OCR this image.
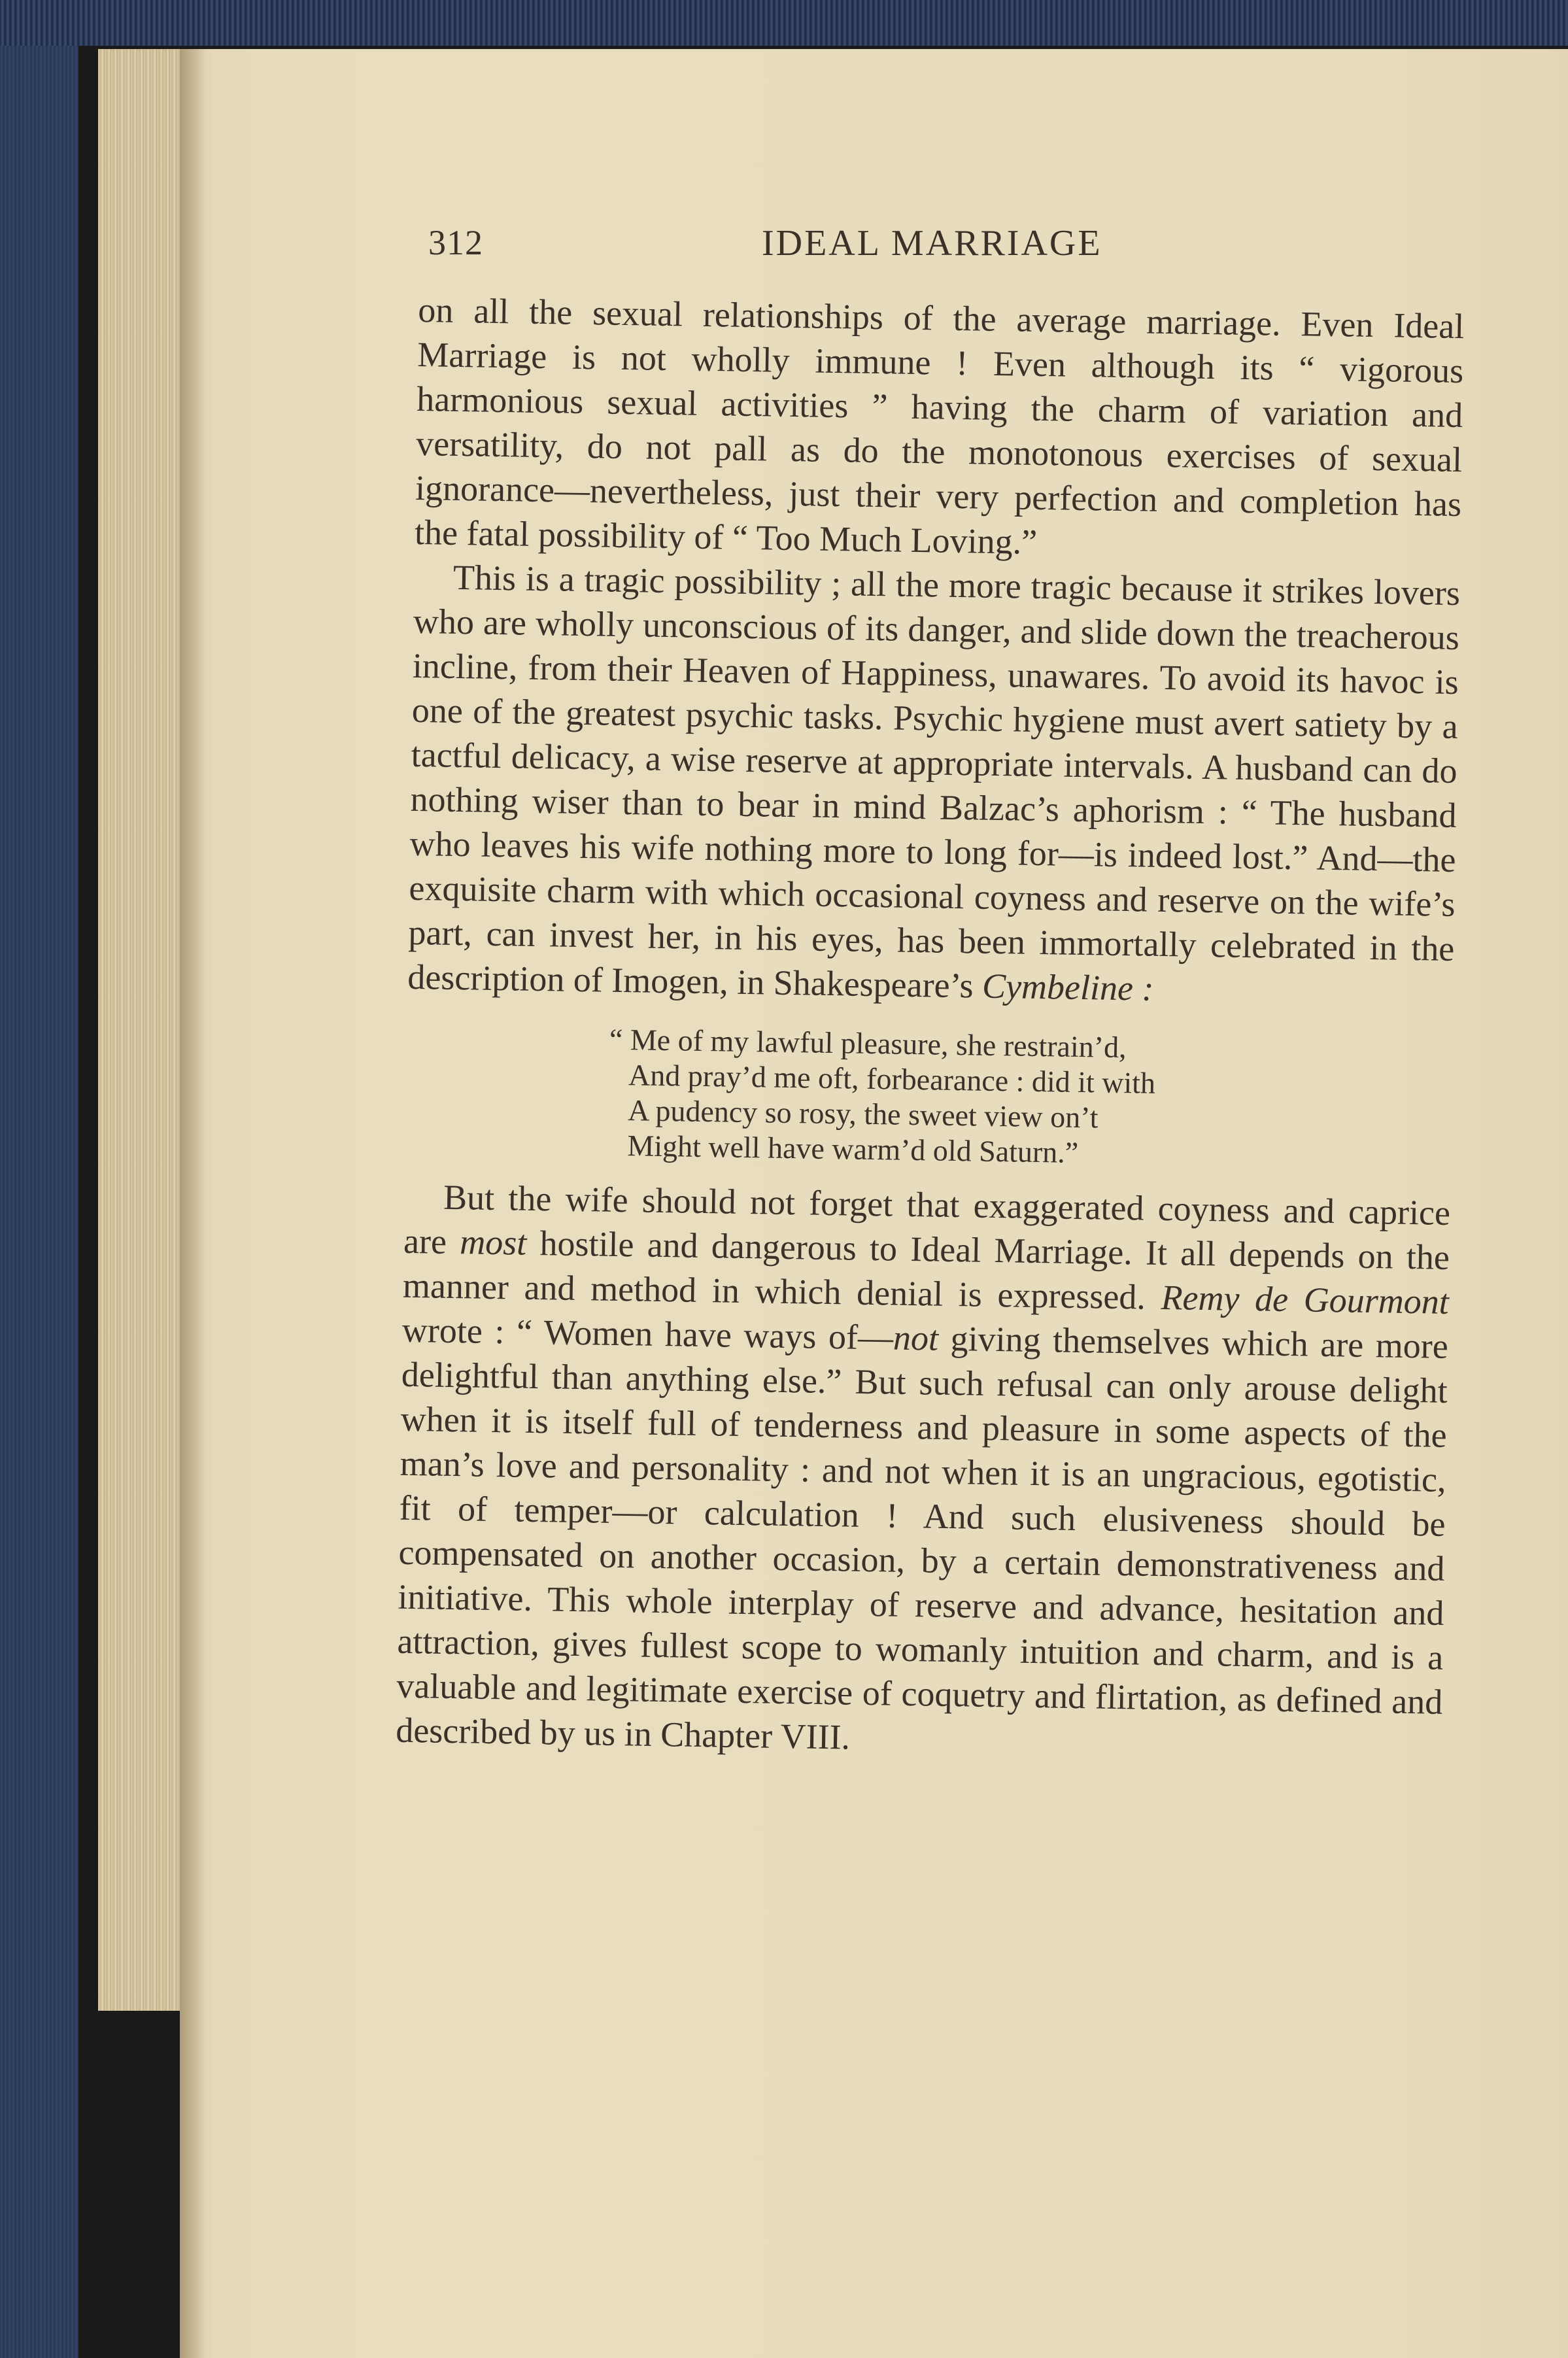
312	IDEAL MARRIAGE

on all the sexual relationships of the average marriage. Even Ideal Marriage is not wholly immune ! Even although its “ vigorous harmonious sexual activities ” having the charm of variation and versatility, do not pall as do the monotonous exercises of sexual ignorance—nevertheless, just their very perfection and completion has the fatal possibility of “ Too Much Loving.”

This is a tragic possibility ; all the more tragic because it strikes lovers who are wholly unconscious of its danger, and slide down the treacherous incline, from their Heaven of Happiness, unawares. To avoid its havoc is one of the greatest psychic tasks. Psychic hygiene must avert satiety by a tactful delicacy, a wise reserve at appropriate intervals. A husband can do nothing wiser than to bear in mind Balzac’s aphorism : “ The husband who leaves his wife nothing more to long for—is indeed lost.” And—the exquisite charm with which occasional coyness and reserve on the wife’s part, can invest her, in his eyes, has been immortally celebrated in the description of Imogen, in Shakespeare’s Cymbeline :

“ Me of my lawful pleasure, she restrain’d,
And pray’d me oft, forbearance : did it with
A pudency so rosy, the sweet view on’t
Might well have warm’d old Saturn.”

But the wife should not forget that exaggerated coyness and caprice are most hostile and dangerous to Ideal Marriage. It all depends on the manner and method in which denial is expressed. Remy de Gourmont wrote : “ Women have ways of—not giving themselves which are more delightful than anything else.” But such refusal can only arouse delight when it is itself full of tenderness and pleasure in some aspects of the man’s love and personality : and not when it is an ungracious, egotistic, fit of temper—or calculation ! And such elusiveness should be compensated on another occasion, by a certain demonstrativeness and initiative. This whole interplay of reserve and advance, hesitation and attraction, gives fullest scope to womanly intuition and charm, and is a valuable and legitimate exercise of coquetry and flirtation, as defined and described by us in Chapter VIII.
